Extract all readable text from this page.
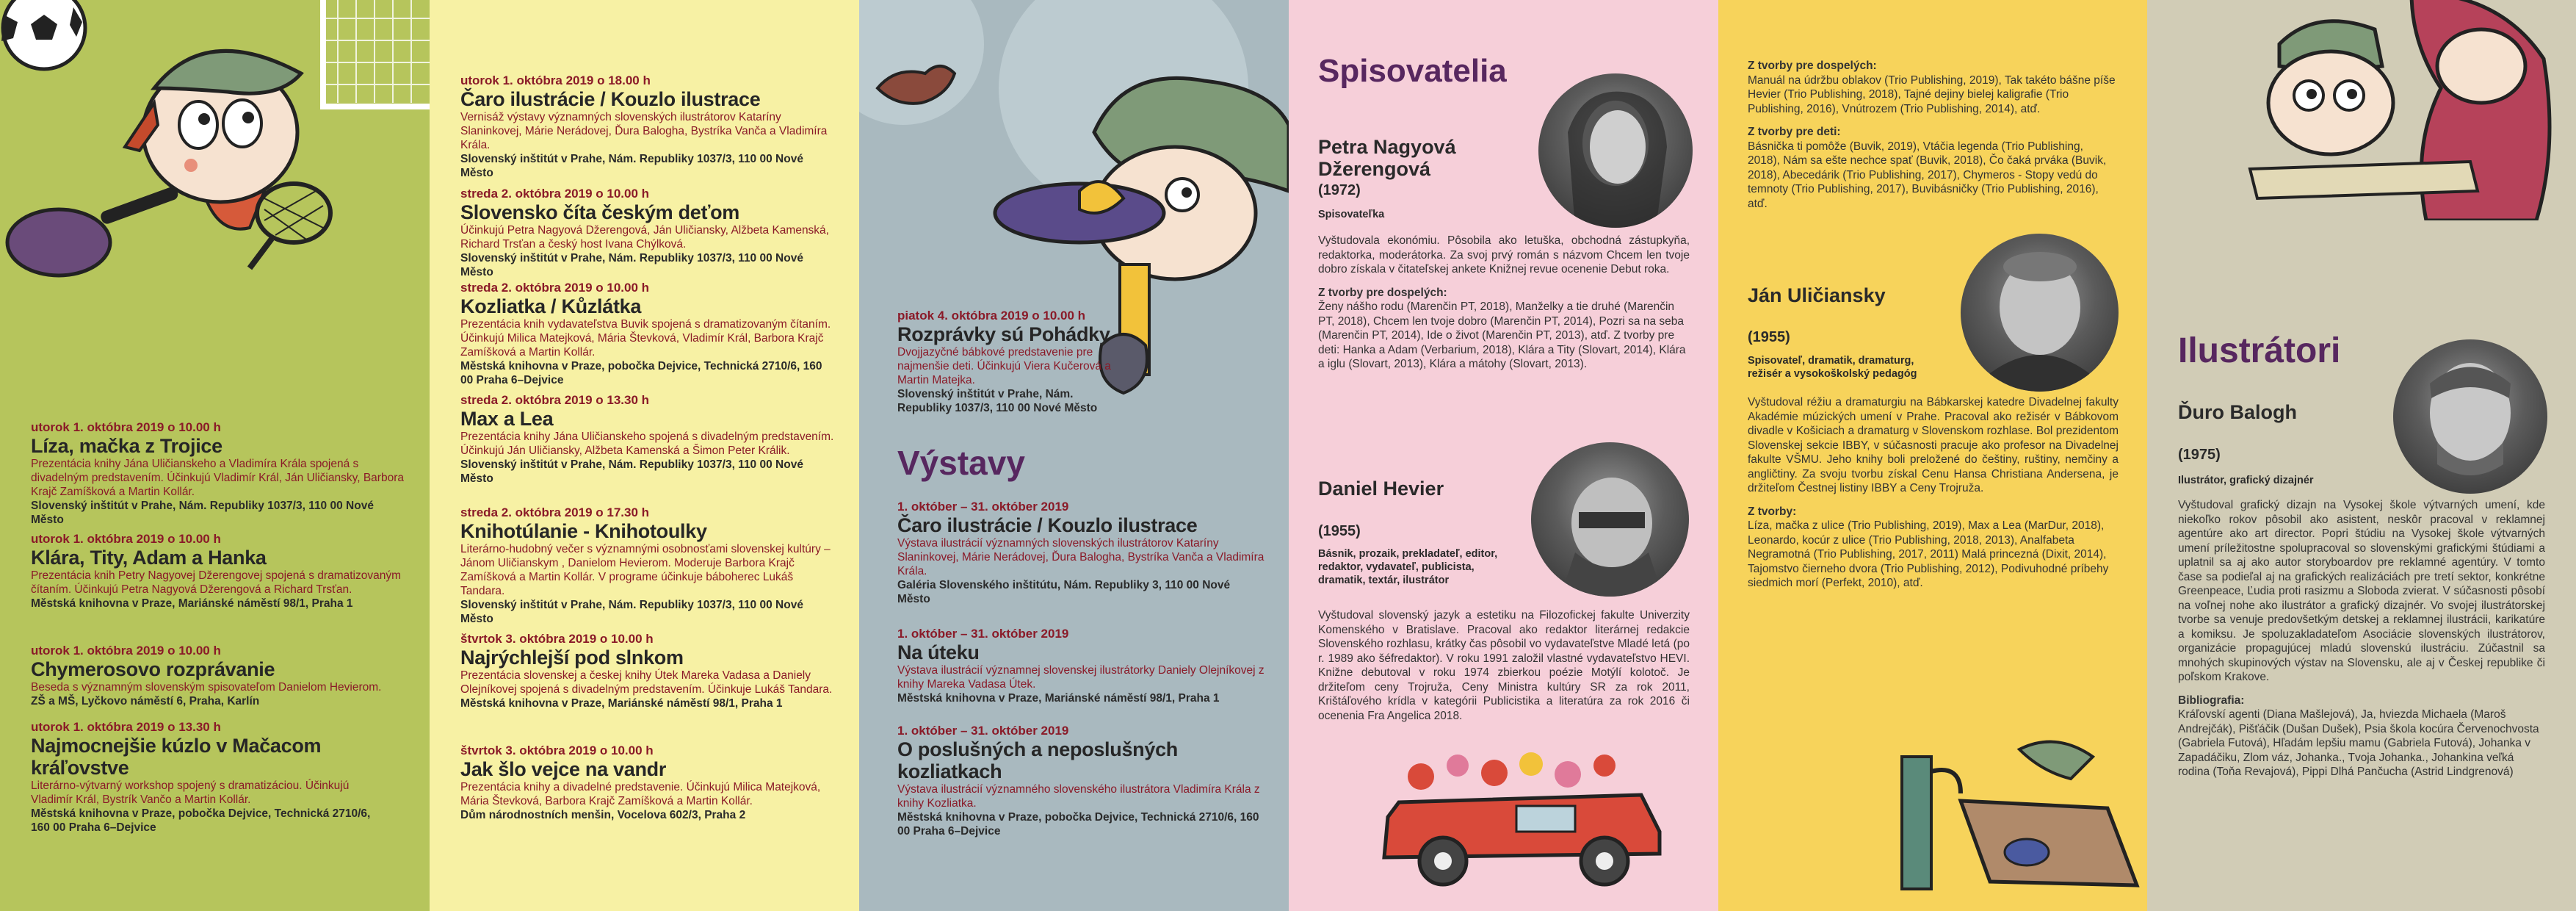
utorok 1. októbra 2019 o 10.00 h
Líza, mačka z Trojice
Prezentácia knihy Jána Uličianskeho a Vladimíra Krála spojená s divadelným predstavením. Účinkujú Vladimír Král, Ján Uličiansky, Barbora Krajč Zamíšková a Martin Kollár.
Slovenský inštitút v Prahe, Nám. Republiky 1037/3, 110 00 Nové Město
utorok 1. októbra 2019 o 10.00 h
Klára, Tity, Adam a Hanka
Prezentácia knih Petry Nagyovej Džerengovej spojená s dramatizovaným čítaním. Účinkujú Petra Nagyová Džerengová a Richard Trsťan.
Městská knihovna v Praze, Mariánské náměstí 98/1, Praha 1
utorok 1. októbra 2019 o 10.00 h
Chymerosovo rozprávanie
Beseda s významným slovenským spisovateľom Danielom Hevierom.
ZŠ a MŠ, Lyčkovo náměstí 6, Praha, Karlín
utorok 1. októbra 2019 o 13.30 h
Najmocnejšie kúzlo v Mačacom kráľovstve
Literárno-výtvarný workshop spojený s dramatizáciou. Účinkujú Vladimír Král, Bystrík Vančo a Martin Kollár.
Městská knihovna v Praze, pobočka Dejvice, Technická 2710/6, 160 00 Praha 6–Dejvice
utorok 1. októbra 2019 o 18.00 h
Čaro ilustrácie / Kouzlo ilustrace
Vernisáž výstavy významných slovenských ilustrátorov Kataríny Slaninkovej, Márie Nerádovej, Ďura Balogha, Bystríka Vanča a Vladimíra Krála.
Slovenský inštitút v Prahe, Nám. Republiky 1037/3, 110 00 Nové Město
streda 2. októbra 2019 o 10.00 h
Slovensko číta českým deťom
Účinkujú Petra Nagyová Džerengová, Ján Uličiansky, Alžbeta Kamenská, Richard Trsťan a český host Ivana Chýlková.
Slovenský inštitút v Prahe, Nám. Republiky 1037/3, 110 00 Nové Město
streda 2. októbra 2019 o 10.00 h
Kozliatka / Kůzlátka
Prezentácia knih vydavateľstva Buvik spojená s dramatizovaným čítaním. Účinkujú Milica Matejková, Mária Števková, Vladimír Král, Barbora Krajč Zamíšková a Martin Kollár.
Městská knihovna v Praze, pobočka Dejvice, Technická 2710/6, 160 00 Praha 6–Dejvice
streda 2. októbra 2019 o 13.30 h
Max a Lea
Prezentácia knihy Jána Uličianskeho spojená s divadelným predstavením. Účinkujú Ján Uličiansky, Alžbeta Kamenská a Šimon Peter Králik.
Slovenský inštitút v Prahe, Nám. Republiky 1037/3, 110 00 Nové Město
streda 2. októbra 2019 o 17.30 h
Knihotúlanie - Knihotoulky
Literárno-hudobný večer s významnými osobnosťami slovenskej kultúry – Jánom Uličianskym , Danielom Hevierom. Moderuje Barbora Krajč Zamíšková a Martin Kollár. V programe účinkuje báboherec Lukáš Tandara.
Slovenský inštitút v Prahe, Nám. Republiky 1037/3, 110 00 Nové Město
štvrtok 3. októbra 2019 o 10.00 h
Najrýchlejší pod slnkom
Prezentácia slovenskej a českej knihy Útek Mareka Vadasa a Daniely Olejníkovej spojená s divadelným predstavením. Účinkuje Lukáš Tandara.
Městská knihovna v Praze, Mariánské náměstí 98/1, Praha 1
štvrtok 3. októbra 2019 o 10.00 h
Jak šlo vejce na vandr
Prezentácia knihy a divadelné predstavenie. Účinkujú Milica Matejková, Mária Števková, Barbora Krajč Zamíšková a Martin Kollár.
Dům národnostních menšin, Vocelova 602/3, Praha 2
piatok 4. októbra 2019 o 10.00 h
Rozprávky sú Pohádky
Dvojjazyčné bábkové predstavenie pre najmenšie deti. Účinkujú Viera Kučerová a Martin Matejka.
Slovenský inštitút v Prahe, Nám. Republiky 1037/3, 110 00 Nové Město
Výstavy
1. október – 31. október 2019
Čaro ilustrácie / Kouzlo ilustrace
Výstava ilustrácií významných slovenských ilustrátorov Kataríny Slaninkovej, Márie Nerádovej, Ďura Balogha, Bystríka Vanča a Vladimíra Krála.
Galéria Slovenského inštitútu, Nám. Republiky 3, 110 00 Nové Město
1. október – 31. október 2019
Na úteku
Výstava ilustrácií významnej slovenskej ilustrátorky Daniely Olejníkovej z knihy Mareka Vadasa Útek.
Městská knihovna v Praze, Mariánské náměstí 98/1, Praha 1
1. október – 31. október 2019
O poslušných a neposlušných kozliatkach
Výstava ilustrácií významného slovenského ilustrátora Vladimíra Krála z knihy Kozliatka.
Městská knihovna v Praze, pobočka Dejvice, Technická 2710/6, 160 00 Praha 6–Dejvice
Spisovatelia
Petra Nagyová Džerengová
(1972)
Spisovateľka
Vyštudovala ekonómiu. Pôsobila ako letuška, obchodná zástupkyňa, redaktorka, moderátorka. Za svoj prvý román s názvom Chcem len tvoje dobro získala v čitateľskej ankete Knižnej revue ocenenie Debut roka.
Z tvorby pre dospelých:
Ženy nášho rodu (Marenčin PT, 2018), Manželky a tie druhé (Marenčin PT, 2018), Chcem len tvoje dobro (Marenčin PT, 2014), Pozri sa na seba (Marenčin PT, 2014), Ide o život (Marenčin PT, 2013), atď. Z tvorby pre deti: Hanka a Adam (Verbarium, 2018), Klára a Tity (Slovart, 2014), Klára a iglu (Slovart, 2013), Klára a mátohy (Slovart, 2013).
Daniel Hevier
(1955)
Básnik, prozaik, prekladateľ, editor, redaktor, vydavateľ, publicista, dramatik, textár, ilustrátor
Vyštudoval slovenský jazyk a estetiku na Filozofickej fakulte Univerzity Komenského v Bratislave. Pracoval ako redaktor literárnej redakcie Slovenského rozhlasu, krátky čas pôsobil vo vydavateľstve Mladé letá (po r. 1989 ako šéfredaktor). V roku 1991 založil vlastné vydavateľstvo HEVI. Knižne debutoval v roku 1974 zbierkou poézie Motýlí kolotoč. Je držiteľom ceny Trojruža, Ceny Ministra kultúry SR za rok 2011, Krištáľového krídla v kategórii Publicistika a literatúra za rok 2016 či ocenenia Fra Angelica 2018.
Z tvorby pre dospelých:
Manuál na údržbu oblakov (Trio Publishing, 2019), Tak takéto bášne píše Hevier (Trio Publishing, 2018), Tajné dejiny bielej kaligrafie (Trio Publishing, 2016), Vnútrozem (Trio Publishing, 2014), atď.
Z tvorby pre deti:
Básnička ti pomôže (Buvik, 2019), Vtáčia legenda (Trio Publishing, 2018), Nám sa ešte nechce spať (Buvik, 2018), Čo čaká prváka (Buvik, 2018), Abecedárik (Trio Publishing, 2017), Chymeros - Stopy vedú do temnoty (Trio Publishing, 2017), Buvibásničky (Trio Publishing, 2016), atď.
Ján Uličiansky
(1955)
Spisovateľ, dramatik, dramaturg, režisér a vysokoškolský pedagóg
Vyštudoval réžiu a dramaturgiu na Bábkarskej katedre Divadelnej fakulty Akadémie múzických umení v Prahe. Pracoval ako režisér v Bábkovom divadle v Košiciach a dramaturg v Slovenskom rozhlase. Bol prezidentom Slovenskej sekcie IBBY, v súčasnosti pracuje ako profesor na Divadelnej fakulte VŠMU. Jeho knihy boli preložené do češtiny, ruštiny, nemčiny a angličtiny. Za svoju tvorbu získal Cenu Hansa Christiana Andersena, je držiteľom Čestnej listiny IBBY a Ceny Trojruža.
Z tvorby:
Líza, mačka z ulice (Trio Publishing, 2019), Max a Lea (MarDur, 2018), Leonardo, kocúr z ulice (Trio Publishing, 2018, 2013), Analfabeta Negramotná (Trio Publishing, 2017, 2011) Malá princezná (Dixit, 2014), Tajomstvo čierneho dvora (Trio Publishing, 2012), Podivuhodné príbehy siedmich morí (Perfekt, 2010), atď.
Ilustrátori
Ďuro Balogh
(1975)
Ilustrátor, grafický dizajnér
Vyštudoval grafický dizajn na Vysokej škole výtvarných umení, kde niekoľko rokov pôsobil ako asistent, neskôr pracoval v reklamnej agentúre ako art director. Popri štúdiu na Vysokej škole výtvarných umení príležitostne spolupracoval so slovenskými grafickými štúdiami a uplatnil sa aj ako autor storyboardov pre reklamné agentúry. V tomto čase sa podieľal aj na grafických realizáciách pre tretí sektor, konkrétne Greenpeace, Ľudia proti rasizmu a Sloboda zvierat. V súčasnosti pôsobí na voľnej nohe ako ilustrátor a grafický dizajnér. Vo svojej ilustrátorskej tvorbe sa venuje predovšetkým detskej a reklamnej ilustrácii, karikatúre a komiksu. Je spoluzakladateľom Asociácie slovenských ilustrátorov, organizácie propagujúcej mladú slovenskú ilustráciu. Zúčastnil sa mnohých skupinových výstav na Slovensku, ale aj v Českej republike či poľskom Krakove.
Bibliografia:
Kráľovskí agenti (Diana Mašlejová), Ja, hviezda Michaela (Maroš Andrejčák), Pišťáčik (Dušan Dušek), Psia škola kocúra Červenochvosta (Gabriela Futová), Hľadám lepšiu mamu (Gabriela Futová), Johanka v Zapadáčiku, Zlom váz, Johanka., Tvoja Johanka., Johankina veľká rodina (Toňa Revajová), Pippi Dlhá Pančucha (Astrid Lindgrenová)
